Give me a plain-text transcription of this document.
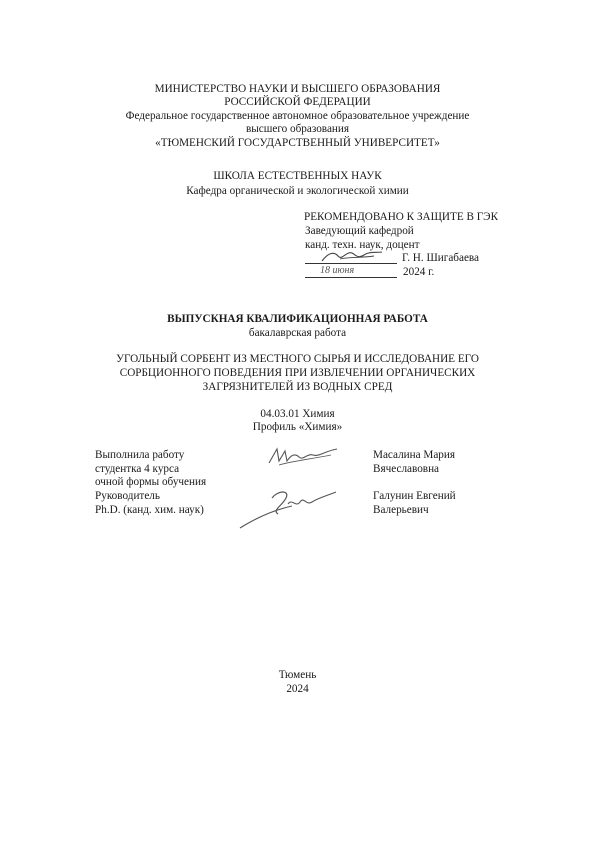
МИНИСТЕРСТВО НАУКИ И ВЫСШЕГО ОБРАЗОВАНИЯ
РОССИЙСКОЙ ФЕДЕРАЦИИ
Федеральное государственное автономное образовательное учреждение
высшего образования
«ТЮМЕНСКИЙ ГОСУДАРСТВЕННЫЙ УНИВЕРСИТЕТ»
ШКОЛА ЕСТЕСТВЕННЫХ НАУК
Кафедра органической и экологической химии
РЕКОМЕНДОВАНО К ЗАЩИТЕ В ГЭК
Заведующий кафедрой
канд. техн. наук, доцент
Г. Н. Шигабаева
18 июня	2024 г.
ВЫПУСКНАЯ КВАЛИФИКАЦИОННАЯ РАБОТА
бакалаврская работа
УГОЛЬНЫЙ СОРБЕНТ ИЗ МЕСТНОГО СЫРЬЯ И ИССЛЕДОВАНИЕ ЕГО
СОРБЦИОННОГО ПОВЕДЕНИЯ ПРИ ИЗВЛЕЧЕНИИ ОРГАНИЧЕСКИХ
ЗАГРЯЗНИТЕЛЕЙ ИЗ ВОДНЫХ СРЕД
04.03.01 Химия
Профиль «Химия»
Выполнила работу
студентка 4 курса
очной формы обучения
Масалина Мария
Вячеславовна
Руководитель
Ph.D. (канд. хим. наук)
Галунин Евгений
Валерьевич
Тюмень
2024
